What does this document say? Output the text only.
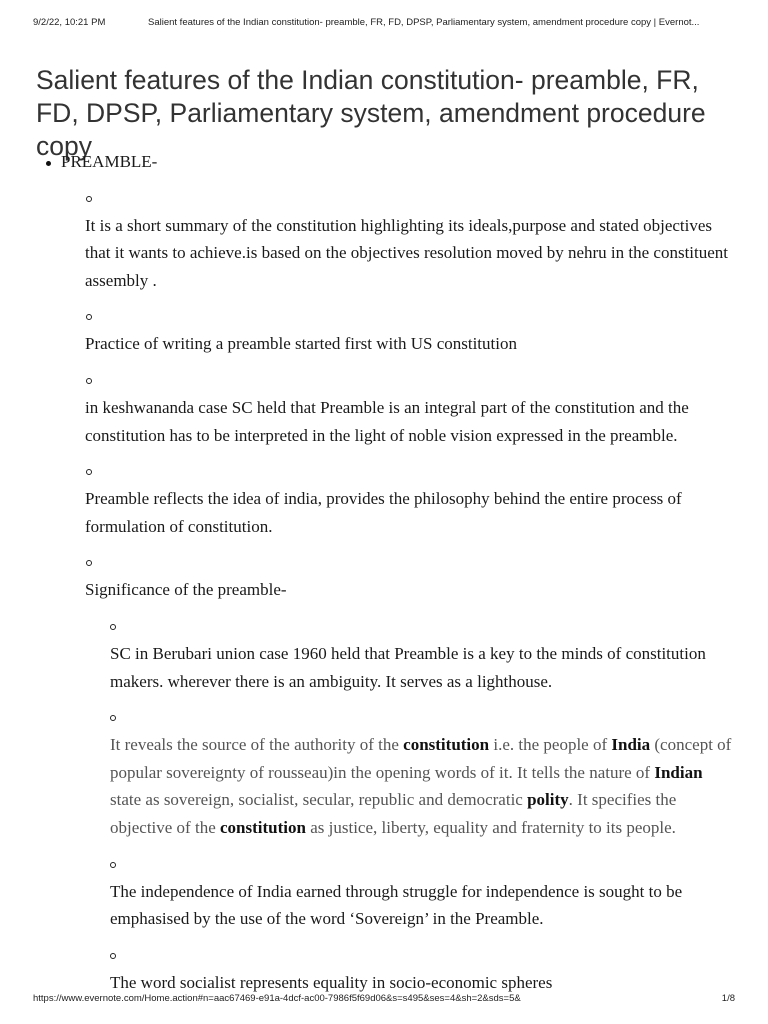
9/2/22, 10:21 PM	Salient features of the Indian constitution- preamble, FR, FD, DPSP, Parliamentary system, amendment procedure copy | Evernot...
Salient features of the Indian constitution- preamble, FR, FD, DPSP, Parliamentary system, amendment procedure copy
PREAMBLE-

It is a short summary of the constitution highlighting its ideals,purpose and stated objectives that it wants to achieve.is based on the objectives resolution moved by nehru in the constituent assembly .

Practice of writing a preamble started first with US constitution

in keshwananda case SC held that Preamble is an integral part of the constitution and the constitution has to be interpreted in the light of noble vision expressed in the preamble.

Preamble reflects the idea of india, provides the philosophy behind the entire process of formulation of constitution.

Significance of the preamble-

SC in Berubari union case 1960 held that Preamble is a key to the minds of constitution makers. wherever there is an ambiguity. It serves as a lighthouse.

It reveals the source of the authority of the constitution i.e. the people of India (concept of popular sovereignty of rousseau)in the opening words of it. It tells the nature of Indian state as sovereign, socialist, secular, republic and democratic polity. It specifies the objective of the constitution as justice, liberty, equality and fraternity to its people.

The independence of India earned through struggle for independence is sought to be emphasised by the use of the word ‘Sovereign’ in the Preamble.

The word socialist represents equality in socio-economic spheres

https://www.evernote.com/Home.action#n=aac67469-e91a-4dcf-ac00-7986f5f69d06&s=s495&ses=4&sh=2&sds=5&	1/8
